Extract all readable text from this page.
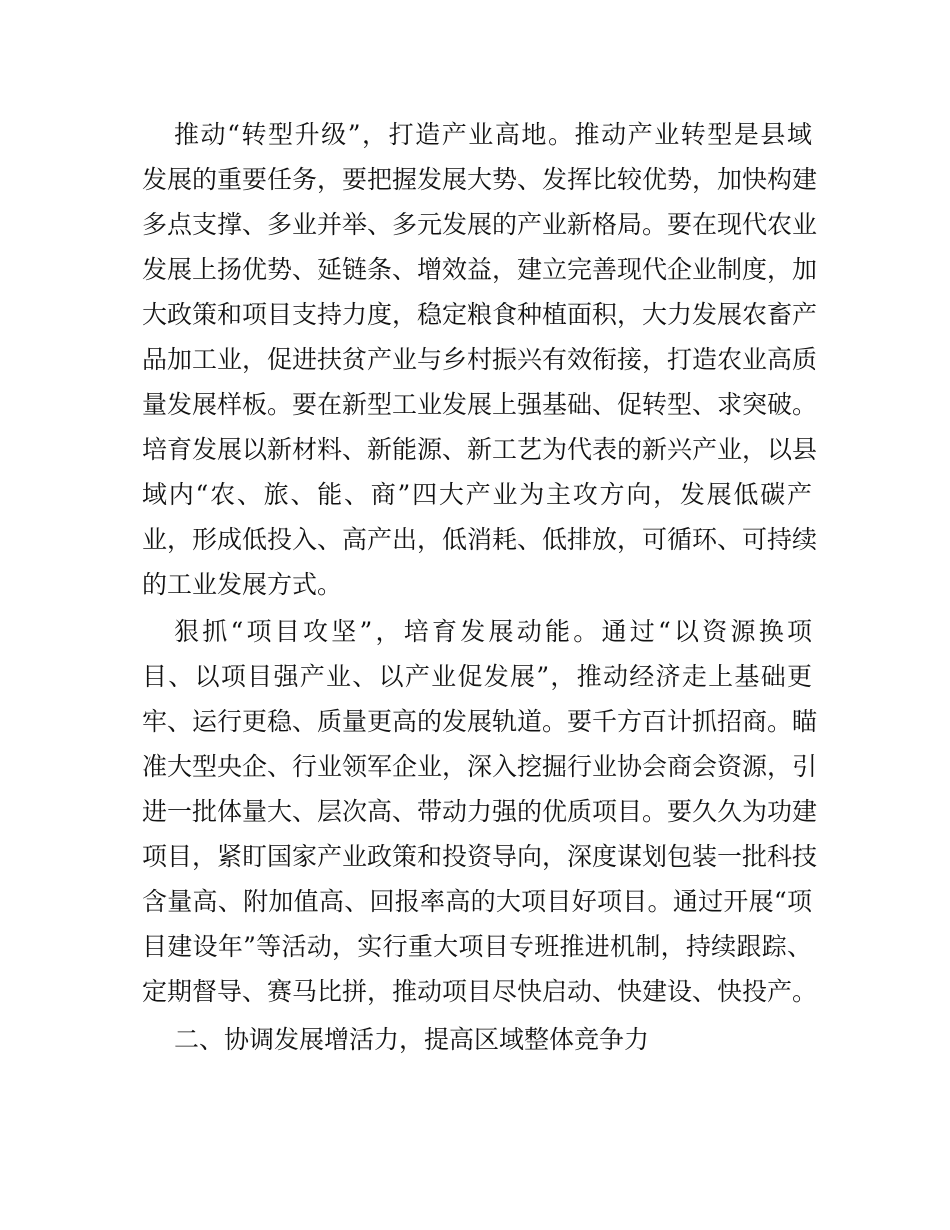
推动“转型升级”，打造产业高地。推动产业转型是县域
发展的重要任务，要把握发展大势、发挥比较优势，加快构建
多点支撑、多业并举、多元发展的产业新格局。要在现代农业
发展上扬优势、延链条、增效益，建立完善现代企业制度，加
大政策和项目支持力度，稳定粮食种植面积，大力发展农畜产
品加工业，促进扶贫产业与乡村振兴有效衔接，打造农业高质
量发展样板。要在新型工业发展上强基础、促转型、求突破。
培育发展以新材料、新能源、新工艺为代表的新兴产业，以县
域内“农、旅、能、商”四大产业为主攻方向，发展低碳产
业，形成低投入、高产出，低消耗、低排放，可循环、可持续
的工业发展方式。
狠抓“项目攻坚”，培育发展动能。通过“以资源换项
目、以项目强产业、以产业促发展”，推动经济走上基础更
牢、运行更稳、质量更高的发展轨道。要千方百计抓招商。瞄
准大型央企、行业领军企业，深入挖掘行业协会商会资源，引
进一批体量大、层次高、带动力强的优质项目。要久久为功建
项目，紧盯国家产业政策和投资导向，深度谋划包装一批科技
含量高、附加值高、回报率高的大项目好项目。通过开展“项
目建设年”等活动，实行重大项目专班推进机制，持续跟踪、
定期督导、赛马比拼，推动项目尽快启动、快建设、快投产。
二、协调发展增活力，提高区域整体竞争力
